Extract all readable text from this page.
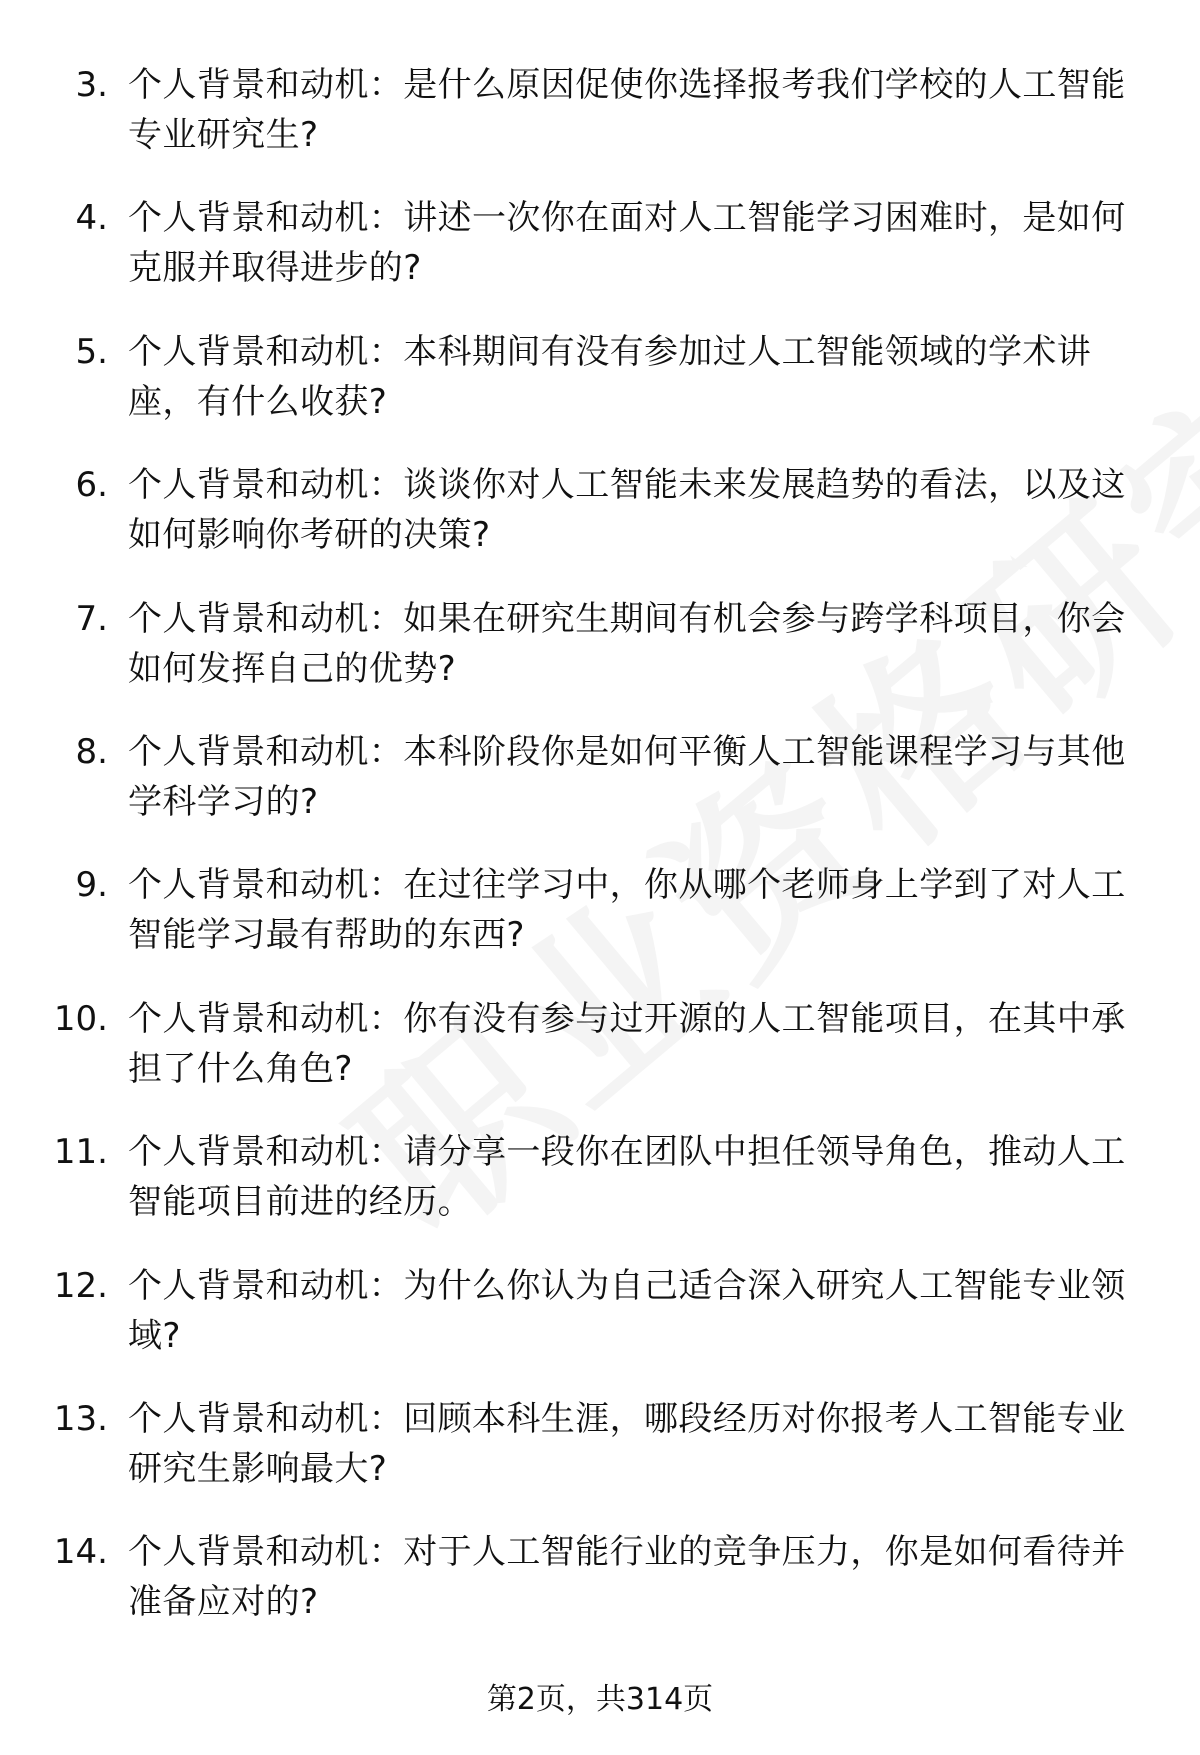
3. 个人背景和动机：是什么原因促使你选择报考我们学校的人工智能专业研究生?
4. 个人背景和动机：讲述一次你在面对人工智能学习困难时，是如何克服并取得进步的?
5. 个人背景和动机：本科期间有没有参加过人工智能领域的学术讲座，有什么收获?
6. 个人背景和动机：谈谈你对人工智能未来发展趋势的看法，以及这如何影响你考研的决策?
7. 个人背景和动机：如果在研究生期间有机会参与跨学科项目，你会如何发挥自己的优势?
8. 个人背景和动机：本科阶段你是如何平衡人工智能课程学习与其他学科学习的?
9. 个人背景和动机：在过往学习中，你从哪个老师身上学到了对人工智能学习最有帮助的东西?
10. 个人背景和动机：你有没有参与过开源的人工智能项目，在其中承担了什么角色?
11. 个人背景和动机：请分享一段你在团队中担任领导角色，推动人工智能项目前进的经历。
12. 个人背景和动机：为什么你认为自己适合深入研究人工智能专业领域?
13. 个人背景和动机：回顾本科生涯，哪段经历对你报考人工智能专业研究生影响最大?
14. 个人背景和动机：对于人工智能行业的竞争压力，你是如何看待并准备应对的?
第2页，共314页
